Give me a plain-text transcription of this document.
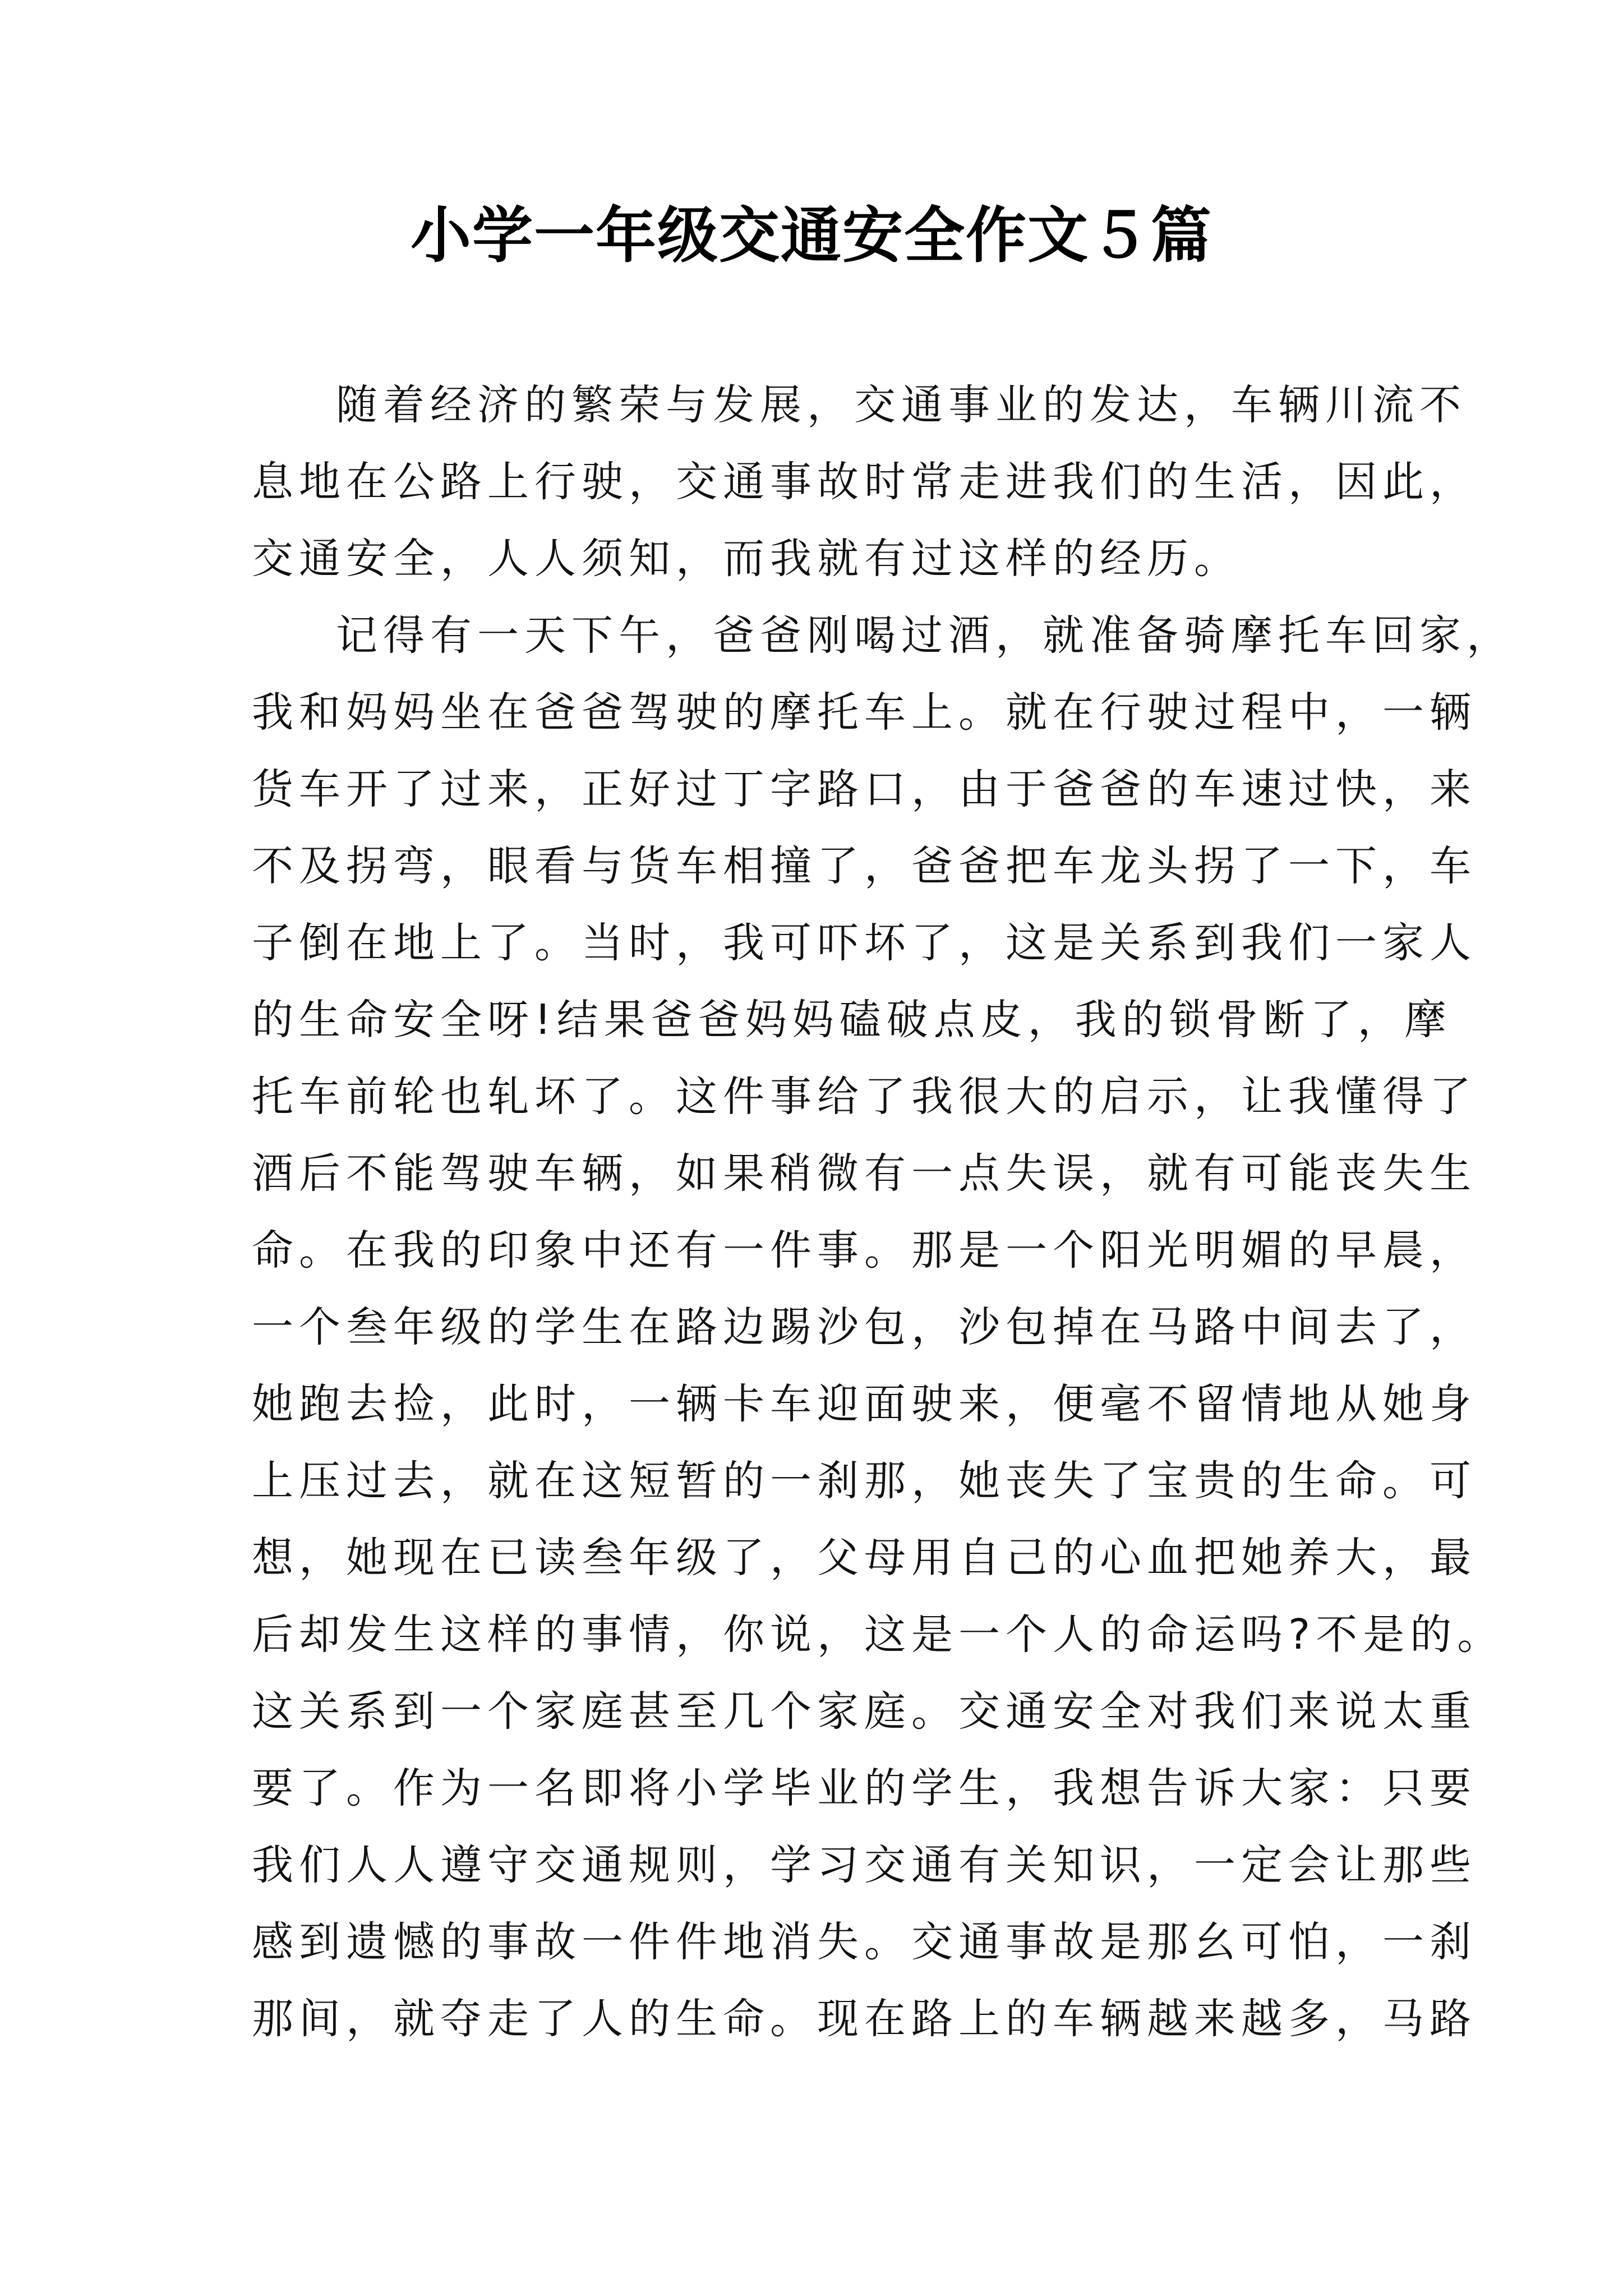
小学一年级交通安全作文５篇

随着经济的繁荣与发展，交通事业的发达，车辆川流不
息地在公路上行驶，交通事故时常走进我们的生活，因此，
交通安全，人人须知，而我就有过这样的经历。

记得有一天下午，爸爸刚喝过酒，就准备骑摩托车回家，
我和妈妈坐在爸爸驾驶的摩托车上。就在行驶过程中，一辆
货车开了过来，正好过丁字路口，由于爸爸的车速过快，来
不及拐弯，眼看与货车相撞了，爸爸把车龙头拐了一下，车
子倒在地上了。当时，我可吓坏了，这是关系到我们一家人
的生命安全呀!结果爸爸妈妈磕破点皮，我的锁骨断了，摩
托车前轮也轧坏了。这件事给了我很大的启示，让我懂得了
酒后不能驾驶车辆，如果稍微有一点失误，就有可能丧失生
命。在我的印象中还有一件事。那是一个阳光明媚的早晨，
一个叁年级的学生在路边踢沙包，沙包掉在马路中间去了，
她跑去捡，此时，一辆卡车迎面驶来，便毫不留情地从她身
上压过去，就在这短暂的一刹那，她丧失了宝贵的生命。可
想，她现在已读叁年级了，父母用自己的心血把她养大，最
后却发生这样的事情，你说，这是一个人的命运吗?不是的。
这关系到一个家庭甚至几个家庭。交通安全对我们来说太重
要了。作为一名即将小学毕业的学生，我想告诉大家：只要
我们人人遵守交通规则，学习交通有关知识，一定会让那些
感到遗憾的事故一件件地消失。交通事故是那幺可怕，一刹
那间，就夺走了人的生命。现在路上的车辆越来越多，马路
